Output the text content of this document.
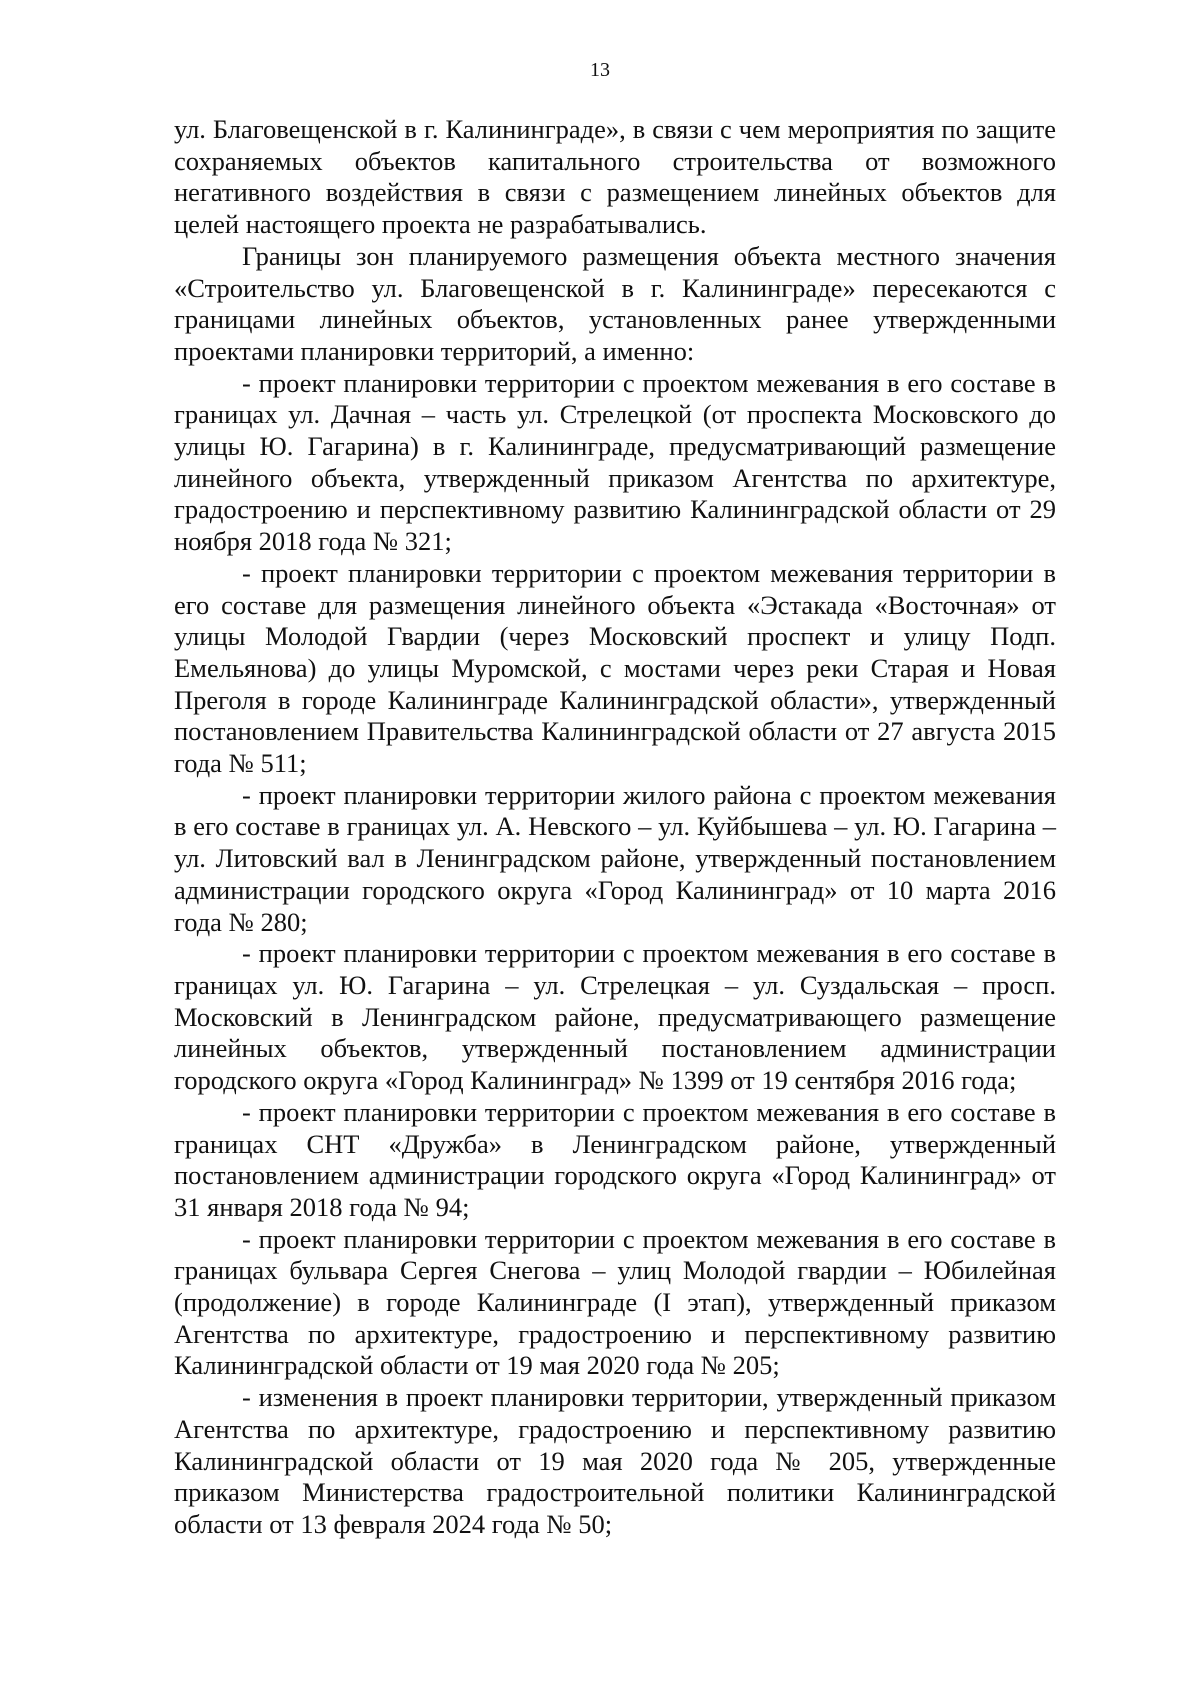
13

ул. Благовещенской в г. Калининграде», в связи с чем мероприятия по защите сохраняемых объектов капитального строительства от возможного негативного воздействия в связи с размещением линейных объектов для целей настоящего проекта не разрабатывались.

Границы зон планируемого размещения объекта местного значения «Строительство ул. Благовещенской в г. Калининграде» пересекаются с границами линейных объектов, установленных ранее утвержденными проектами планировки территорий, а именно:

- проект планировки территории с проектом межевания в его составе в границах ул. Дачная – часть ул. Стрелецкой (от проспекта Московского до улицы Ю. Гагарина) в г. Калининграде, предусматривающий размещение линейного объекта, утвержденный приказом Агентства по архитектуре, градостроению и перспективному развитию Калининградской области от 29 ноября 2018 года № 321;

- проект планировки территории с проектом межевания территории в его составе для размещения линейного объекта «Эстакада «Восточная» от улицы Молодой Гвардии (через Московский проспект и улицу Подп. Емельянова) до улицы Муромской, с мостами через реки Старая и Новая Преголя в городе Калининграде Калининградской области», утвержденный постановлением Правительства Калининградской области от 27 августа 2015 года № 511;

- проект планировки территории жилого района с проектом межевания в его составе в границах ул. А. Невского – ул. Куйбышева – ул. Ю. Гагарина – ул. Литовский вал в Ленинградском районе, утвержденный постановлением администрации городского округа «Город Калининград» от 10 марта 2016 года № 280;

- проект планировки территории с проектом межевания в его составе в границах ул. Ю. Гагарина – ул. Стрелецкая – ул. Суздальская – просп. Московский в Ленинградском районе, предусматривающего размещение линейных объектов, утвержденный постановлением администрации городского округа «Город Калининград» № 1399 от 19 сентября 2016 года;

- проект планировки территории с проектом межевания в его составе в границах СНТ «Дружба» в Ленинградском районе, утвержденный постановлением администрации городского округа «Город Калининград» от 31 января 2018 года № 94;

- проект планировки территории с проектом межевания в его составе в границах бульвара Сергея Снегова – улиц Молодой гвардии – Юбилейная (продолжение) в городе Калининграде (I этап), утвержденный приказом Агентства по архитектуре, градостроению и перспективному развитию Калининградской области от 19 мая 2020 года № 205;

- изменения в проект планировки территории, утвержденный приказом Агентства по архитектуре, градостроению и перспективному развитию Калининградской области от 19 мая 2020 года № 205, утвержденные приказом Министерства градостроительной политики Калининградской области от 13 февраля 2024 года № 50;
